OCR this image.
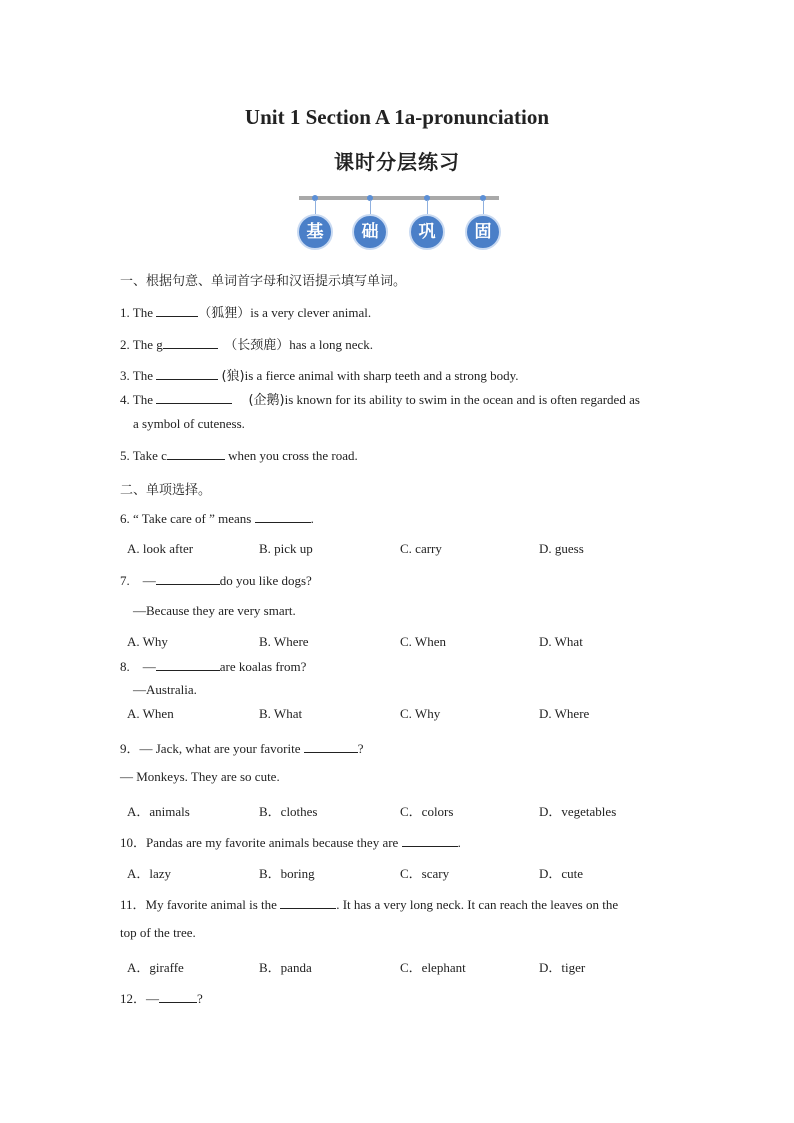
Unit 1 Section A 1a-pronunciation
课时分层练习
基	础	巩	固
一、根据句意、单词首字母和汉语提示填写单词。
1. The	（狐狸）is a very clever animal.
2. The g	（长颈鹿）has a long neck.
3. The	(狼)is a fierce animal with sharp teeth and a strong body.
4. The	(企鹅)is known for its ability to swim in the ocean and is often regarded as
a symbol of cuteness.
5. Take c	when you cross the road.
二、单项选择。
6. “ Take care of ” means	.
A. look after	B. pick up	C. carry	D. guess
7. —	do you like dogs?
—Because they are very smart.
A. Why	B. Where	C. When	D. What
8. —	are koalas from?
—Australia.
A. When	B. What	C. Why	D. Where
9．— Jack, what are your favorite	?
— Monkeys. They are so cute.
A．animals	B．clothes	C．colors	D．vegetables
10．Pandas are my favorite animals because they are	.
A．lazy	B．boring	C．scary	D．cute
11．My favorite animal is the	. It has a very long neck. It can reach the leaves on the
top of the tree.
A．giraffe	B．panda	C．elephant	D．tiger
12．—	?
